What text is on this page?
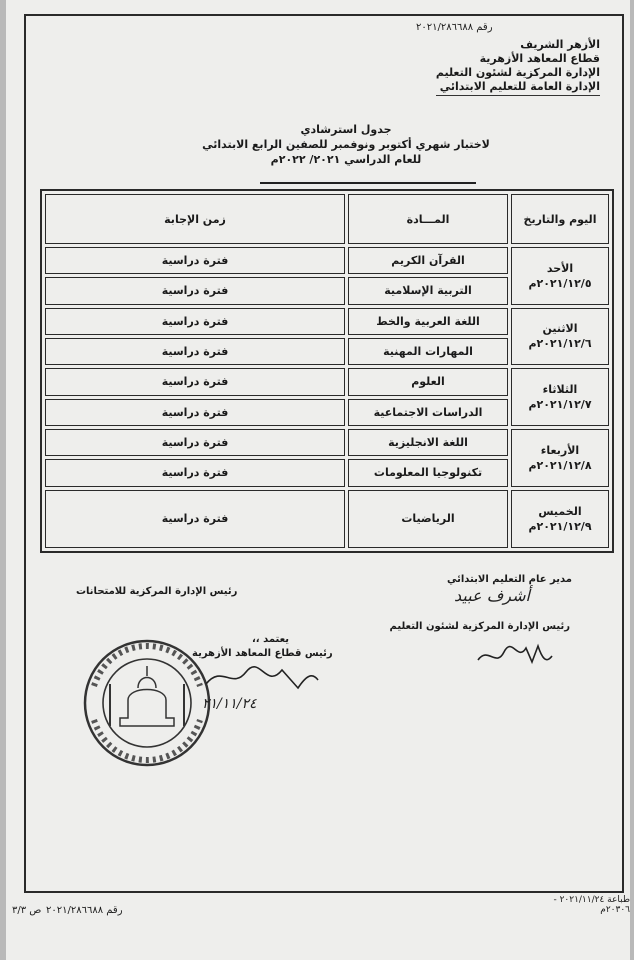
رقم ٢٠٢١/٢٨٦٦٨٨
الأزهر الشريف
قطاع المعاهد الأزهرية
الإدارة المركزية لشئون التعليم
الإدارة العامة للتعليم الابتدائي
جدول استرشادي
لاختبار شهري أكتوبر ونوفمبر للصفين الرابع الابتدائي
للعام الدراسي ٢٠٢١/ ٢٠٢٢م
اليوم والتاريخ	المـــادة	زمن الإجابة

الأحد
٢٠٢١/١٢/٥م	القرآن الكريم	فترة دراسية
	التربية الإسلامية	فترة دراسية

الاثنين
٢٠٢١/١٢/٦م	اللغة العربية والخط	فترة دراسية
	المهارات المهنية	فترة دراسية

الثلاثاء
٢٠٢١/١٢/٧م	العلوم	فترة دراسية
	الدراسات الاجتماعية	فترة دراسية

الأربعاء
٢٠٢١/١٢/٨م	اللغة الانجليزية	فترة دراسية
	تكنولوجيا المعلومات	فترة دراسية

الخميس
٢٠٢١/١٢/٩م	الرياضيات	فترة دراسية
مدير عام التعليم الابتدائي
أشرف عبيد
رئيس الإدارة المركزية لشئون التعليم
رئيس الإدارة المركزية للامتحانات
يعتمد ،،
رئيس قطاع المعاهد الأزهرية
٢١/١١/٢٤
طباعة ٢٠٢١/١١/٢٤ - ٢٠٣٠٦م
رقم ٢٠٢١/٢٨٦٦٨٨
ص ٣/٣
